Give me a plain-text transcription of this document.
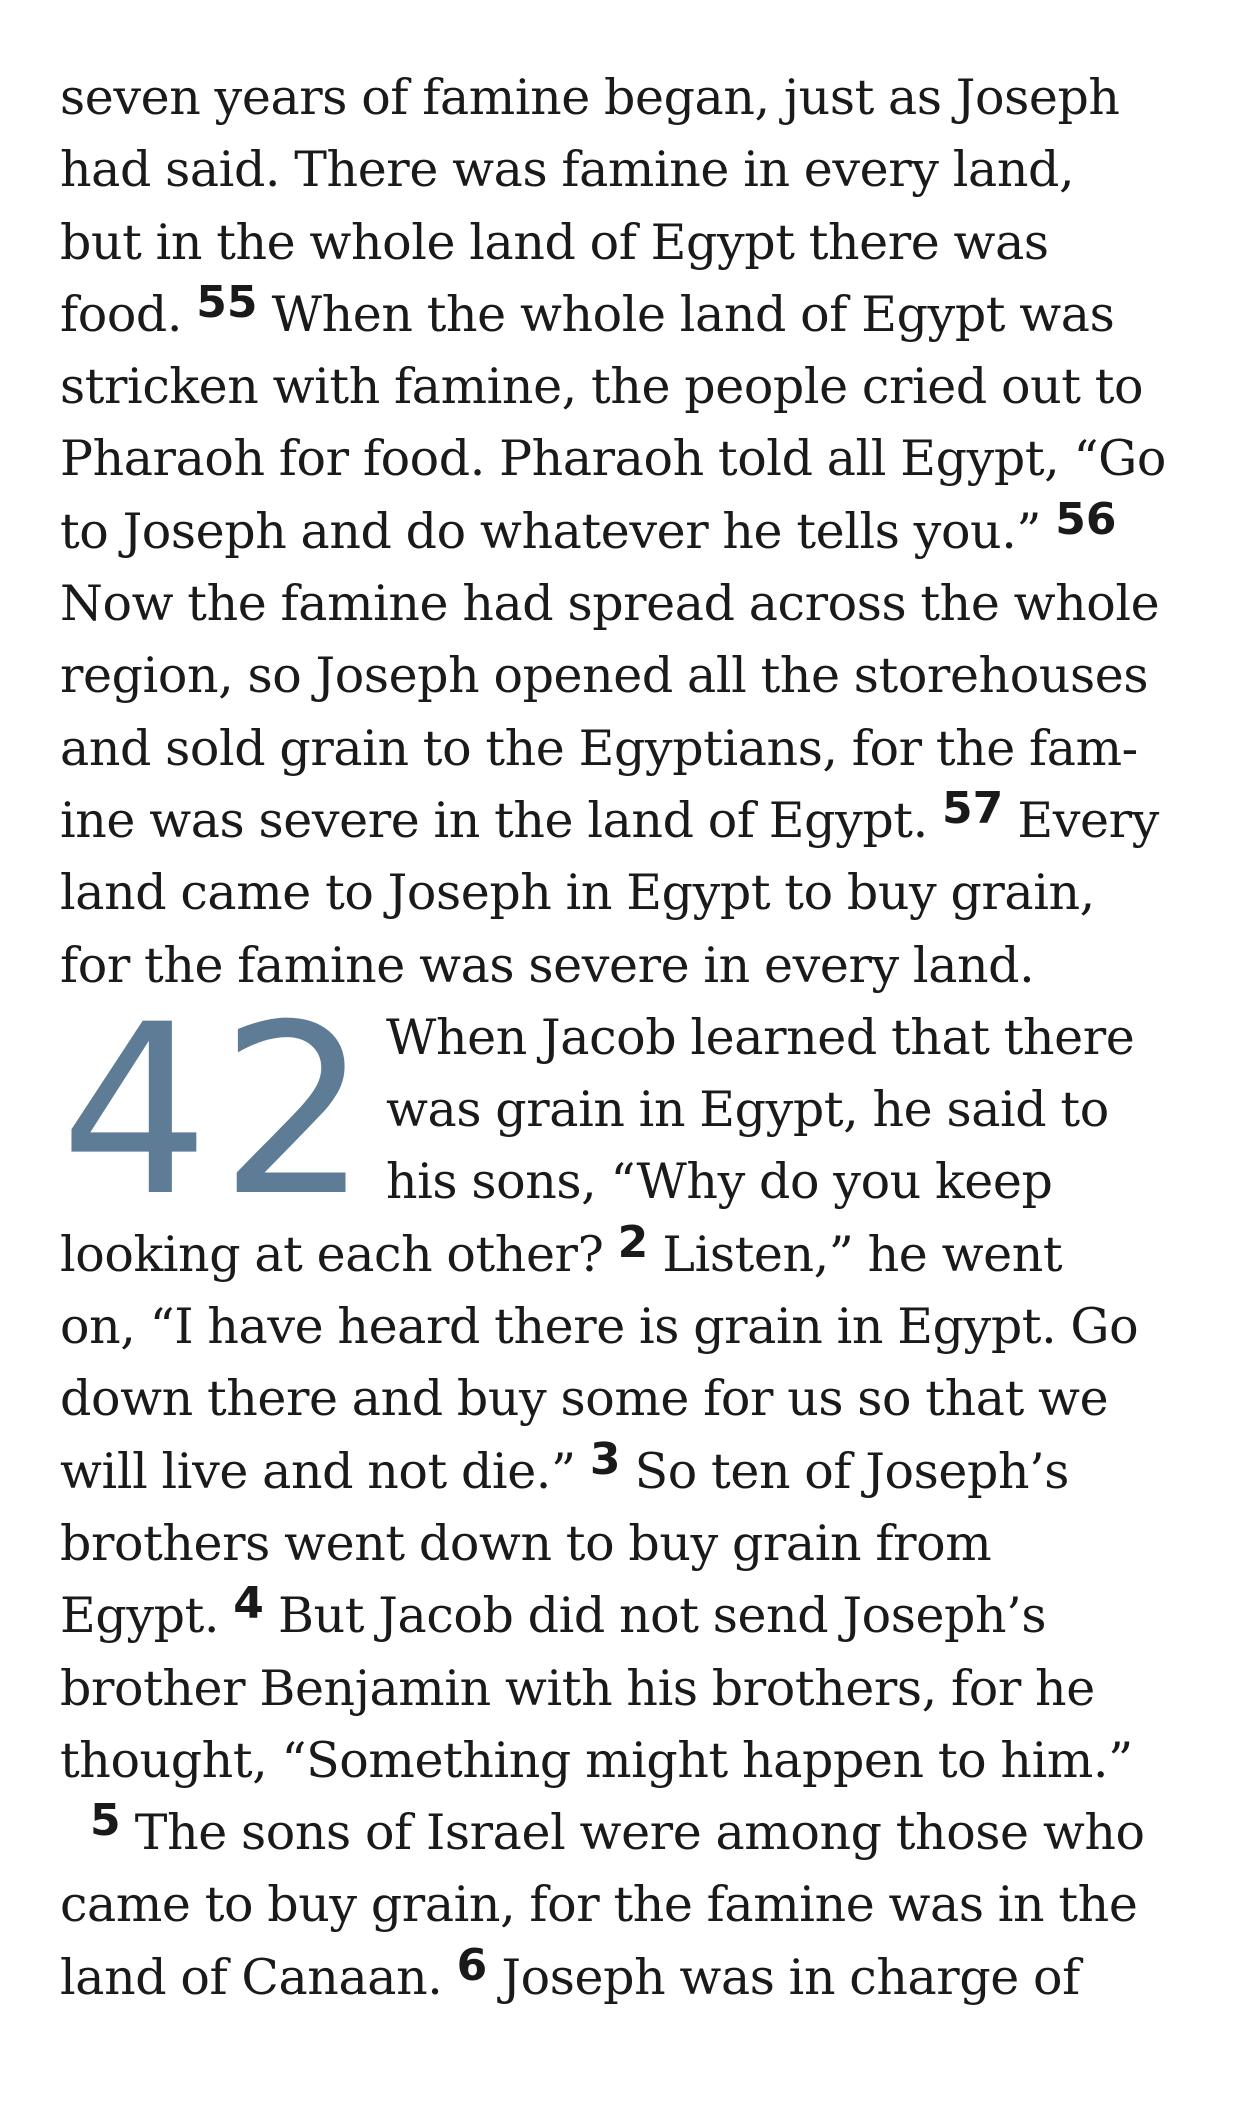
seven years of famine began, just as Joseph
had said. There was famine in every land,
but in the whole land of Egypt there was
food. 55 When the whole land of Egypt was
stricken with famine, the people cried out to
Pharaoh for food. Pharaoh told all Egypt, “Go
to Joseph and do whatever he tells you.” 56
Now the famine had spread across the whole
region, so Joseph opened all the storehouses
and sold grain to the Egyptians, for the fam-
ine was severe in the land of Egypt. 57 Every
land came to Joseph in Egypt to buy grain,
for the famine was severe in every land.
42 When Jacob learned that there
was grain in Egypt, he said to
his sons, “Why do you keep
looking at each other? 2 Listen,” he went
on, “I have heard there is grain in Egypt. Go
down there and buy some for us so that we
will live and not die.” 3 So ten of Joseph’s
brothers went down to buy grain from
Egypt. 4 But Jacob did not send Joseph’s
brother Benjamin with his brothers, for he
thought, “Something might happen to him.”
5 The sons of Israel were among those who
came to buy grain, for the famine was in the
land of Canaan. 6 Joseph was in charge of
